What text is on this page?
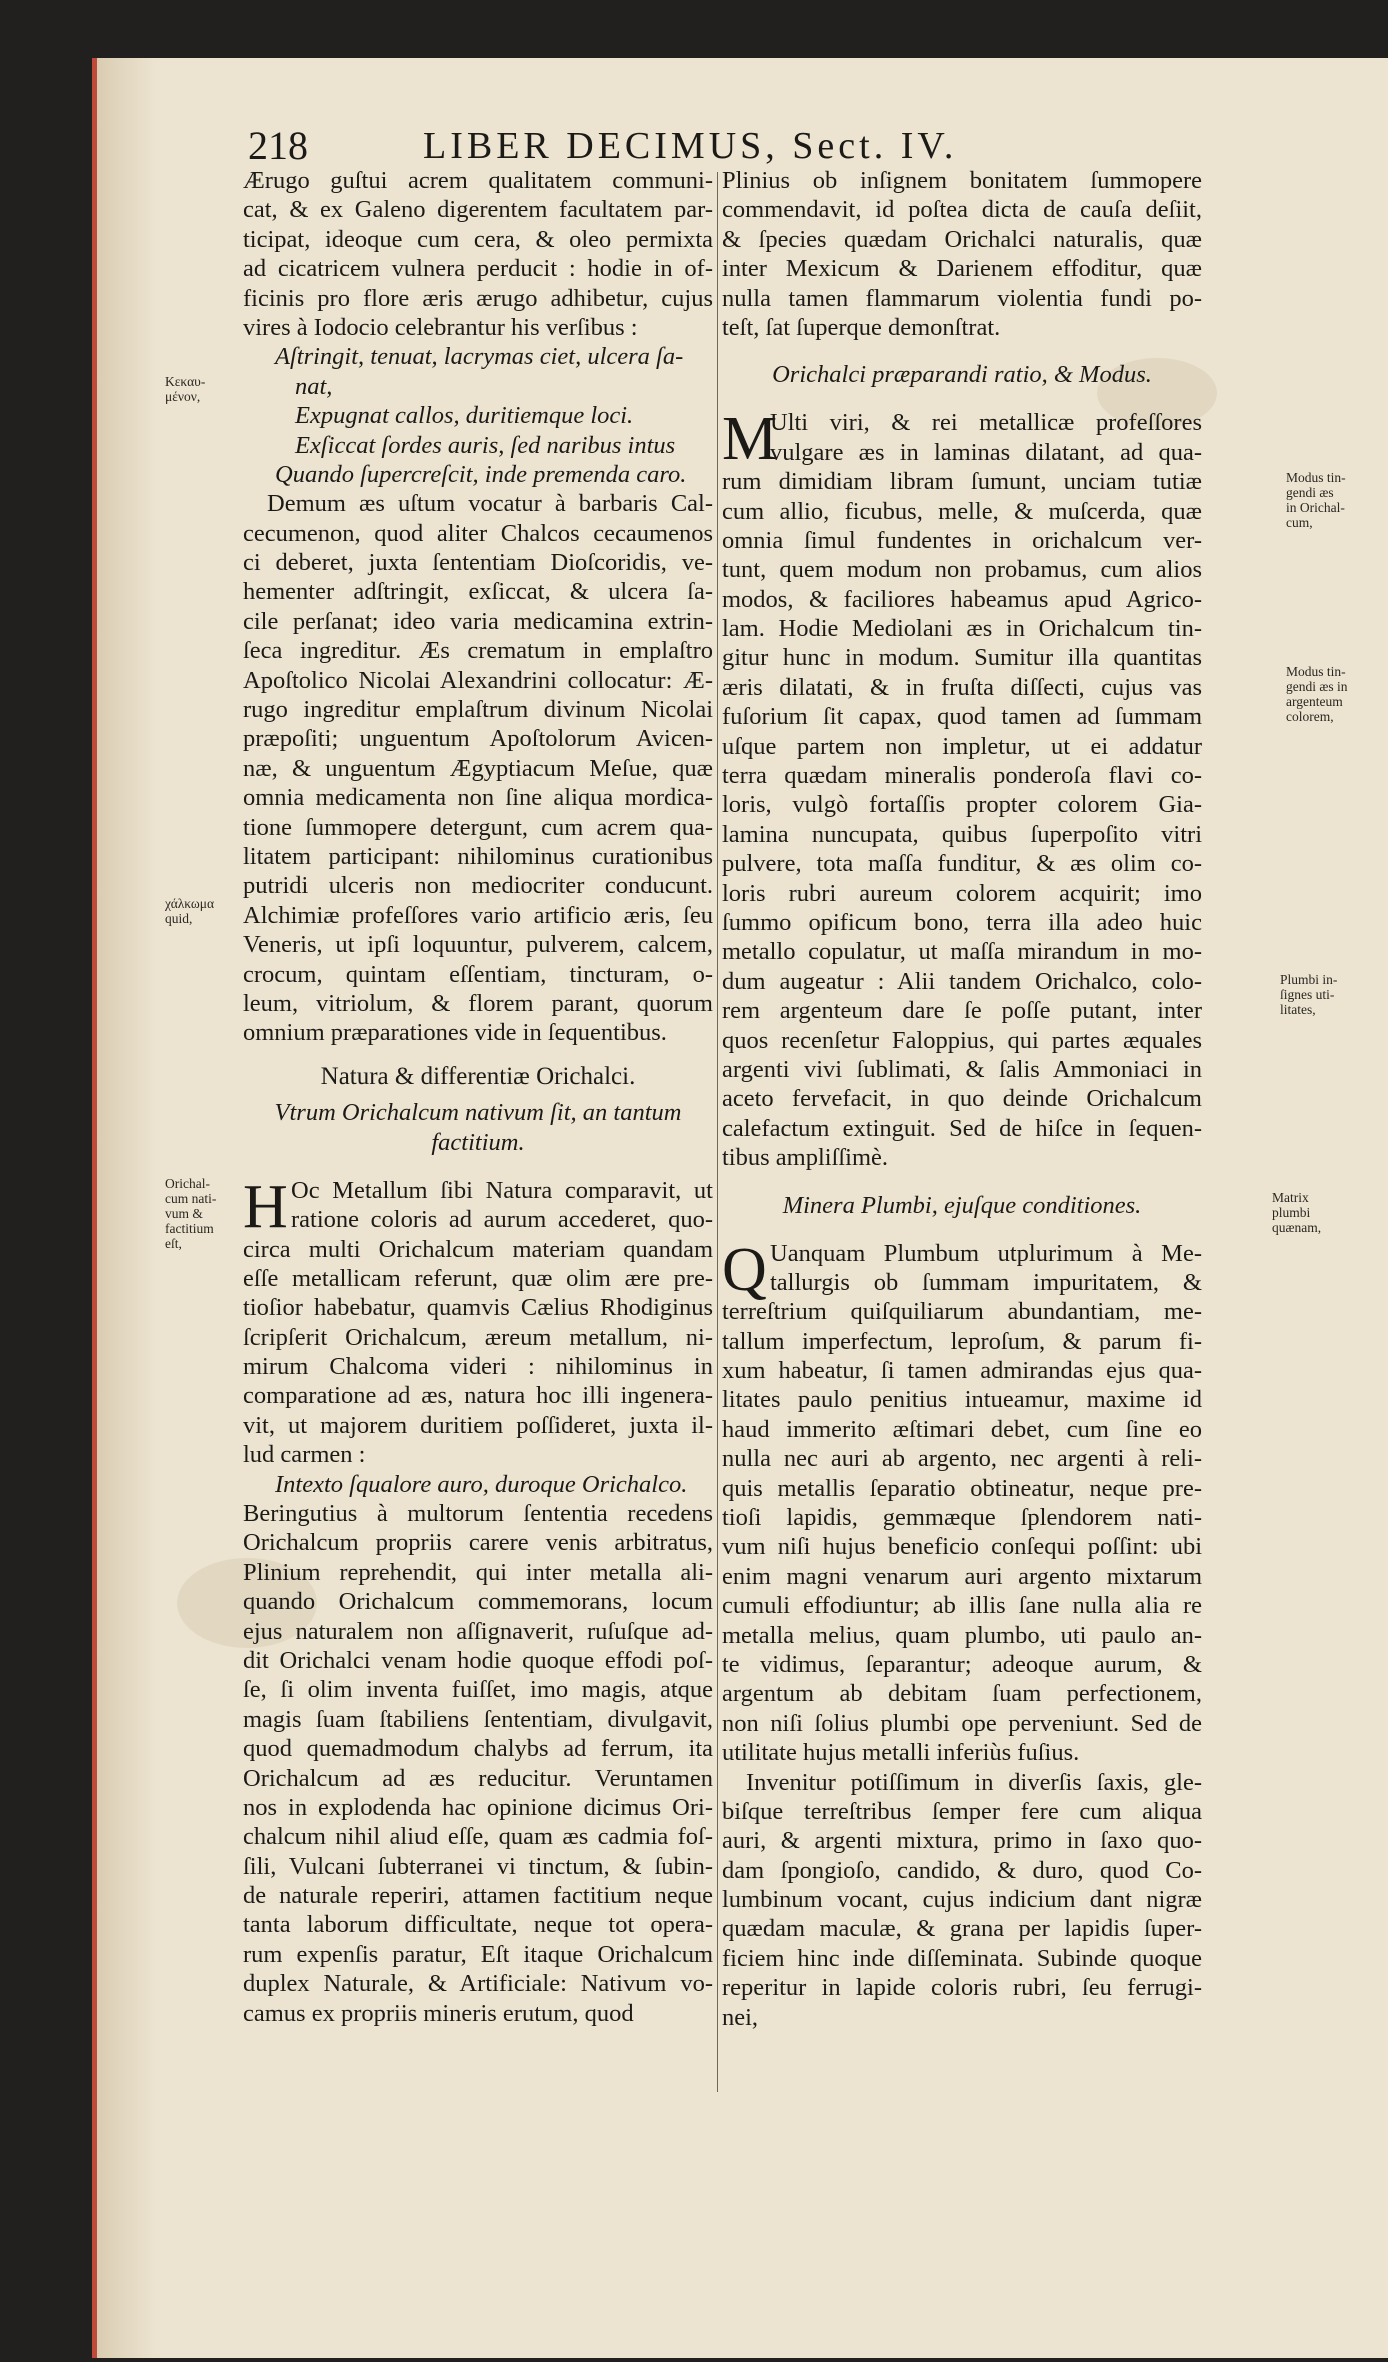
218	LIBER DECIMUS, Sect. IV.
Ærugo guſtui acrem qualitatem communi-
cat, & ex Galeno digerentem facultatem par-
ticipat, ideoque cum cera, & oleo permixta
ad cicatricem vulnera perducit : hodie in of-
ficinis pro flore æris ærugo adhibetur, cujus
vires à Iodocio celebrantur his verſibus :
Aſtringit, tenuat, lacrymas ciet, ulcera ſa-
nat,
Expugnat callos, duritiemque loci.
Exſiccat ſordes auris, ſed naribus intus
Quando ſupercreſcit, inde premenda caro.
Demum æs uſtum vocatur à barbaris Cal-
cecumenon, quod aliter Chalcos cecaumenos
ci deberet, juxta ſententiam Dioſcoridis, ve-
hementer adſtringit, exſiccat, & ulcera ſa-
cile perſanat; ideo varia medicamina extrin-
ſeca ingreditur. Æs crematum in emplaſtro
Apoſtolico Nicolai Alexandrini collocatur: Æ-
rugo ingreditur emplaſtrum divinum Nicolai
præpoſiti; unguentum Apoſtolorum Avicen-
næ, & unguentum Ægyptiacum Meſue, quæ
omnia medicamenta non ſine aliqua mordica-
tione ſummopere detergunt, cum acrem qua-
litatem participant: nihilominus curationibus
putridi ulceris non mediocriter conducunt.
Alchimiæ profeſſores vario artificio æris, ſeu
Veneris, ut ipſi loquuntur, pulverem, calcem,
crocum, quintam eſſentiam, tincturam, o-
leum, vitriolum, & florem parant, quorum
omnium præparationes vide in ſequentibus.
Natura & differentiæ Orichalci.
Vtrum Orichalcum nativum ſit, an tantum
factitium.
H Oc Metallum ſibi Natura comparavit, ut
ratione coloris ad aurum accederet, quo-
circa multi Orichalcum materiam quandam
eſſe metallicam referunt, quæ olim ære pre-
tioſior habebatur, quamvis Cælius Rhodiginus
ſcripſerit Orichalcum, æreum metallum, ni-
mirum Chalcoma videri : nihilominus in
comparatione ad æs, natura hoc illi ingenera-
vit, ut majorem duritiem poſſideret, juxta il-
lud carmen :
Intexto ſqualore auro, duroque Orichalco.
Beringutius à multorum ſententia recedens
Orichalcum propriis carere venis arbitratus,
Plinium reprehendit, qui inter metalla ali-
quando Orichalcum commemorans, locum
ejus naturalem non aſſignaverit, ruſuſque ad-
dit Orichalci venam hodie quoque effodi poſ-
ſe, ſi olim inventa fuiſſet, imo magis, atque
magis ſuam ſtabiliens ſententiam, divulgavit,
quod quemadmodum chalybs ad ferrum, ita
Orichalcum ad æs reducitur. Veruntamen
nos in explodenda hac opinione dicimus Ori-
chalcum nihil aliud eſſe, quam æs cadmia foſ-
ſili, Vulcani ſubterranei vi tinctum, & ſubin-
de naturale reperiri, attamen factitium neque
tanta laborum difficultate, neque tot opera-
rum expenſis paratur, Eſt itaque Orichalcum
duplex Naturale, & Artificiale: Nativum vo-
camus ex propriis mineris erutum, quod
Plinius ob inſignem bonitatem ſummopere
commendavit, id poſtea dicta de cauſa deſiit,
& ſpecies quædam Orichalci naturalis, quæ
inter Mexicum & Darienem effoditur, quæ
nulla tamen flammarum violentia fundi po-
teſt, ſat ſuperque demonſtrat.
Orichalci præparandi ratio, & Modus.
M
Ulti viri, & rei metallicæ profeſſores
vulgare æs in laminas dilatant, ad qua-
rum dimidiam libram ſumunt, unciam tutiæ
cum allio, ficubus, melle, & muſcerda, quæ
omnia ſimul fundentes in orichalcum ver-
tunt, quem modum non probamus, cum alios
modos, & faciliores habeamus apud Agrico-
lam. Hodie Mediolani æs in Orichalcum tin-
gitur hunc in modum. Sumitur illa quantitas
æris dilatati, & in fruſta diſſecti, cujus vas
fuſorium ſit capax, quod tamen ad ſummam
uſque partem non impletur, ut ei addatur
terra quædam mineralis ponderoſa flavi co-
loris, vulgò fortaſſis propter colorem Gia-
lamina nuncupata, quibus ſuperpoſito vitri
pulvere, tota maſſa funditur, & æs olim co-
loris rubri aureum colorem acquirit; imo
ſummo opificum bono, terra illa adeo huic
metallo copulatur, ut maſſa mirandum in mo-
dum augeatur : Alii tandem Orichalco, colo-
rem argenteum dare ſe poſſe putant, inter
quos recenſetur Faloppius, qui partes æquales
argenti vivi ſublimati, & ſalis Ammoniaci in
aceto fervefacit, in quo deinde Orichalcum
calefactum extinguit. Sed de hiſce in ſequen-
tibus ampliſſimè.
Minera Plumbi, ejuſque conditiones.
Q Uanquam Plumbum utplurimum à Me-
tallurgis ob ſummam impuritatem, &
terreſtrium quiſquiliarum abundantiam, me-
tallum imperfectum, leproſum, & parum fi-
xum habeatur, ſi tamen admirandas ejus qua-
litates paulo penitius intueamur, maxime id
haud immerito æſtimari debet, cum ſine eo
nulla nec auri ab argento, nec argenti à reli-
quis metallis ſeparatio obtineatur, neque pre-
tioſi lapidis, gemmæque ſplendorem nati-
vum niſi hujus beneficio conſequi poſſint: ubi
enim magni venarum auri argento mixtarum
cumuli effodiuntur; ab illis ſane nulla alia re
metalla melius, quam plumbo, uti paulo an-
te vidimus, ſeparantur; adeoque aurum, &
argentum ab debitam ſuam perfectionem,
non niſi ſolius plumbi ope perveniunt. Sed de
utilitate hujus metalli inferiùs fuſius.
Invenitur potiſſimum in diverſis ſaxis, gle-
biſque terreſtribus ſemper fere cum aliqua
auri, & argenti mixtura, primo in ſaxo quo-
dam ſpongioſo, candido, & duro, quod Co-
lumbinum vocant, cujus indicium dant nigræ
quædam maculæ, & grana per lapidis ſuper-
ficiem hinc inde diſſeminata. Subinde quoque
reperitur in lapide coloris rubri, ſeu ferrugi-
nei,
Κεκαυ-
μένον,
χάλκωμα
quid,
Orichal-
cum nati-
vum &
factitium
eſt,
Modus tin-
gendi æs
in Orichal-
cum,
Modus tin-
gendi æs in
argenteum
colorem,
Plumbi in-
ſignes uti-
litates,
Matrix
plumbi
quænam,
